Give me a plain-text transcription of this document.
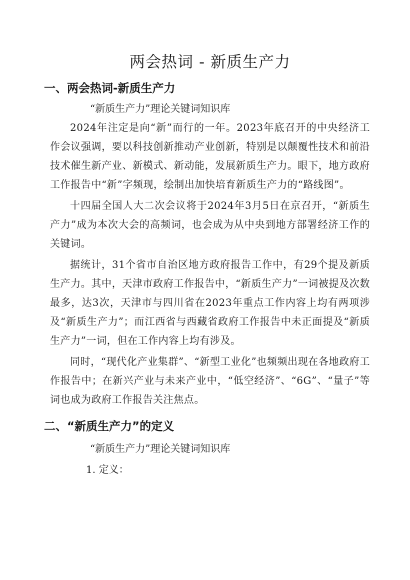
两会热词 - 新质生产力
一、两会热词-新质生产力
“新质生产力”理论关键词知识库

2024年注定是向“新”而行的一年。2023年底召开的中央经济工作会议强调，要以科技创新推动产业创新，特别是以颠覆性技术和前沿技术催生新产业、新模式、新动能，发展新质生产力。眼下，地方政府工作报告中“新”字频现，绘制出加快培育新质生产力的“路线图”。

十四届全国人大二次会议将于2024年3月5日在京召开，“新质生产力”成为本次大会的高频词，也会成为从中央到地方部署经济工作的关键词。

据统计，31个省市自治区地方政府报告工作中，有29个提及新质生产力。其中，天津市政府工作报告中，“新质生产力”一词被提及次数最多，达3次，天津市与四川省在2023年重点工作内容上均有两项涉及“新质生产力”；而江西省与西藏省政府工作报告中未正面提及“新质生产力”一词，但在工作内容上均有涉及。

同时，“现代化产业集群”、“新型工业化”也频频出现在各地政府工作报告中；在新兴产业与未来产业中，“低空经济”、“6G”、“量子”等词也成为政府工作报告关注焦点。

二、“新质生产力”的定义
“新质生产力”理论关键词知识库
1. 定义：
